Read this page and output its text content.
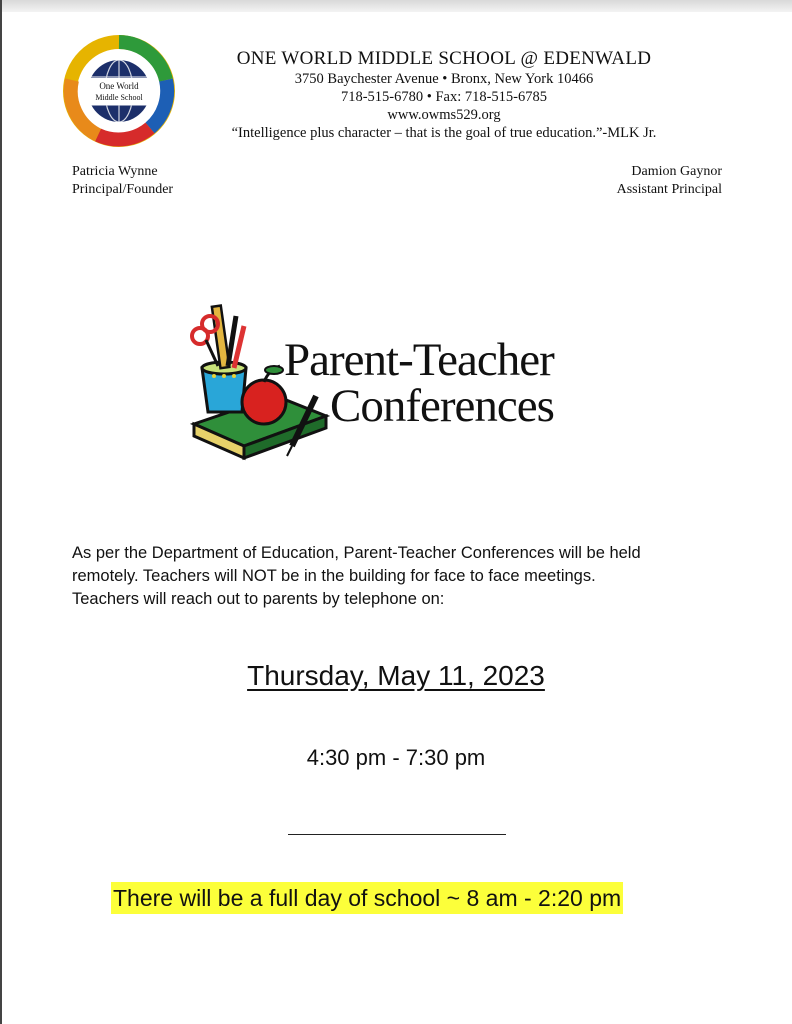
One World
Middle School
ONE WORLD MIDDLE SCHOOL @ EDENWALD
3750 Baychester Avenue • Bronx, New York 10466
718-515-6780 • Fax: 718-515-6785
www.owms529.org
“Intelligence plus character – that is the goal of true education.”-MLK Jr.
Patricia Wynne
Principal/Founder
Damion Gaynor
Assistant Principal
Parent-Teacher
Conferences
As per the Department of Education, Parent-Teacher Conferences will be held
remotely. Teachers will NOT be in the building for face to face meetings.
Teachers will reach out to parents by telephone on:
Thursday, May 11, 2023
4:30 pm - 7:30 pm
There will be a full day of school ~ 8 am - 2:20 pm
